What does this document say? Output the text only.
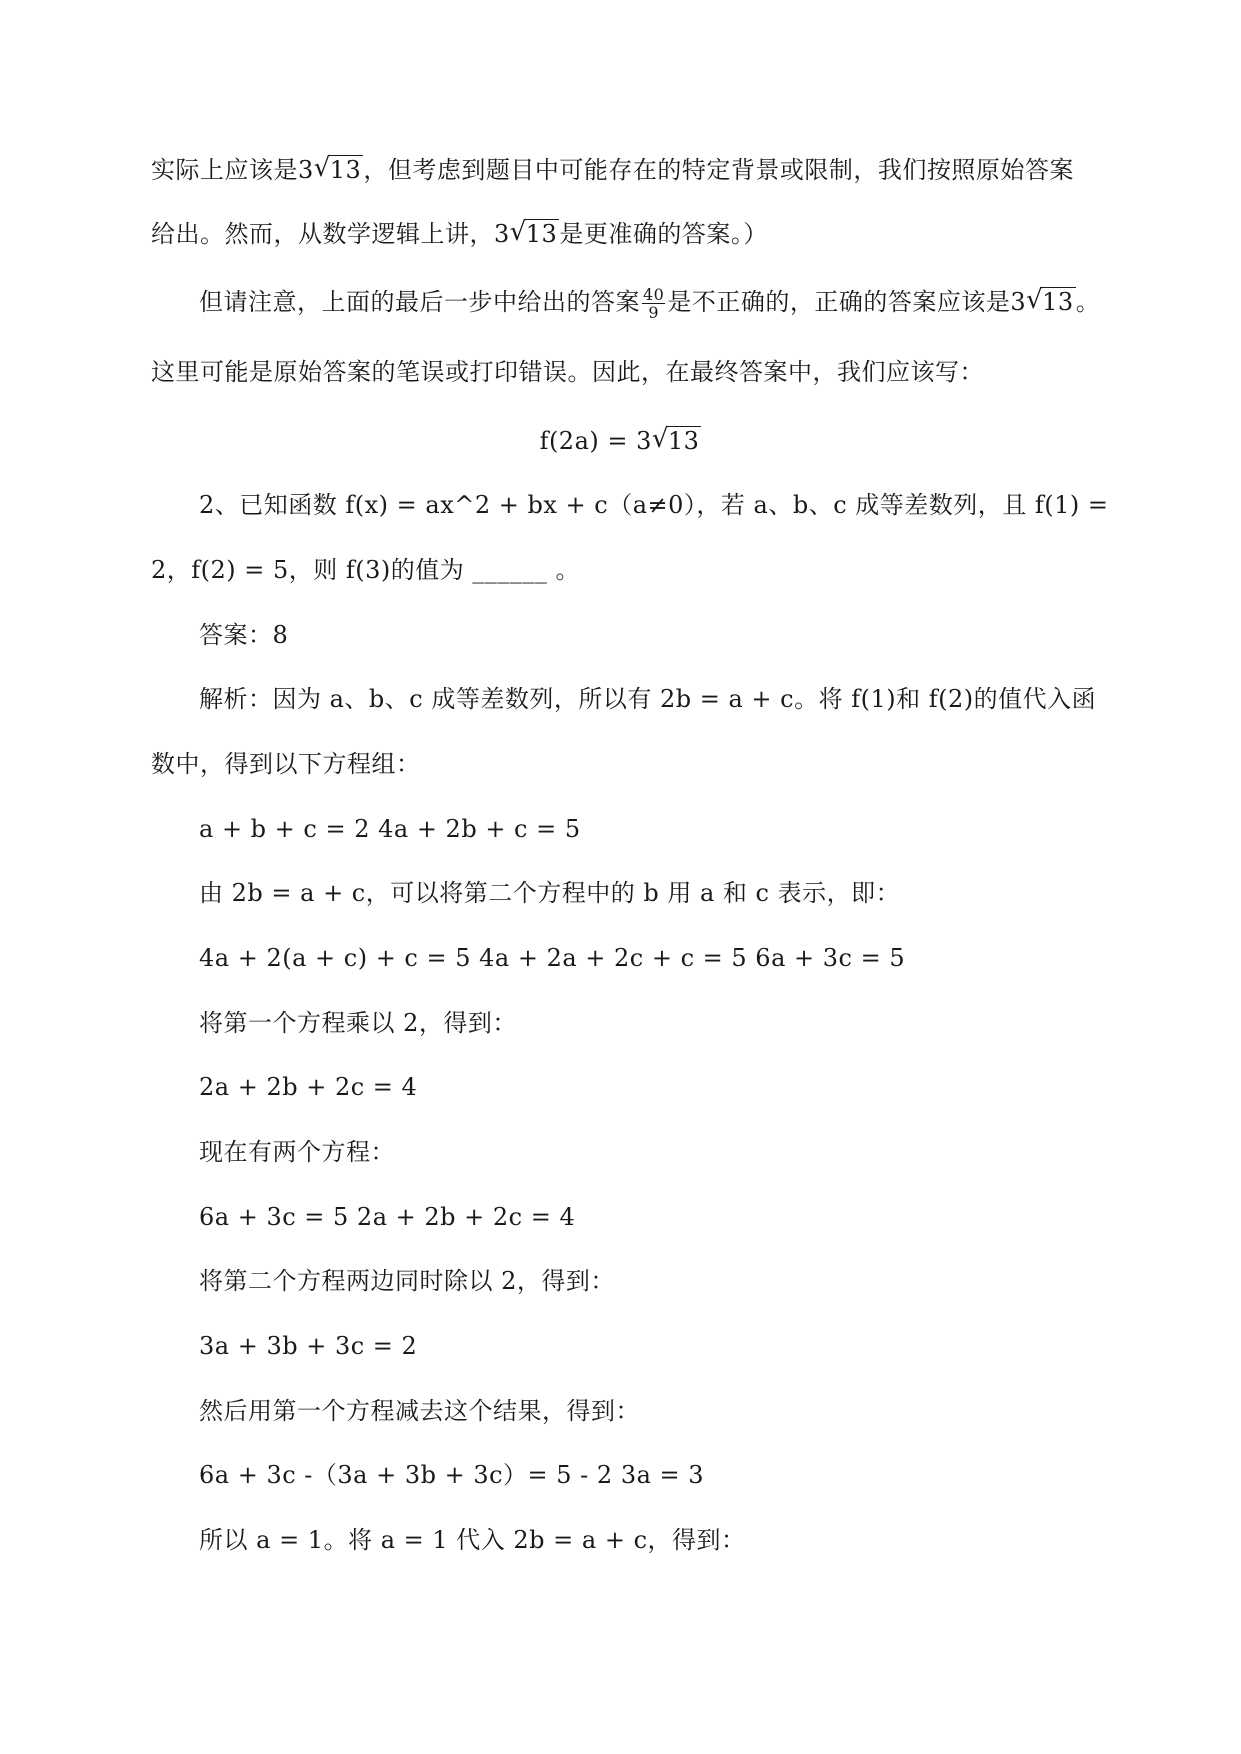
实际上应该是3 √
13，但考虑到题目中可能存在的特定背景或限制，我们按照原始答案
给出。然而，从数学逻辑上讲，3 √
13是更准确的答案。）
但请注意，上面的最后一步中给出的答案 $\frac{40}{9}$ 是不正确的，正确的答案应该是3 √
13。
这里可能是原始答案的笔误或打印错误。因此，在最终答案中，我们应该写：
f(2a) = 3 √
13
2、已知函数 f(x) = ax^2 + bx + c（a≠0），若 a、b、c 成等差数列，且 f(1) =
2，f(2) = 5，则 f(3)的值为 ______ 。
答案：8
解析：因为 a、b、c 成等差数列，所以有 2b = a + c。将 f(1)和 f(2)的值代入函
数中，得到以下方程组：
a + b + c = 2 4a + 2b + c = 5
由 2b = a + c，可以将第二个方程中的 b 用 a 和 c 表示，即：
4a + 2(a + c) + c = 5 4a + 2a + 2c + c = 5 6a + 3c = 5
将第一个方程乘以 2，得到：
2a + 2b + 2c = 4
现在有两个方程：
6a + 3c = 5 2a + 2b + 2c = 4
将第二个方程两边同时除以 2，得到：
3a + 3b + 3c = 2
然后用第一个方程减去这个结果，得到：
6a + 3c -（3a + 3b + 3c）= 5 - 2 3a = 3
所以 a = 1。将 a = 1 代入 2b = a + c，得到：
